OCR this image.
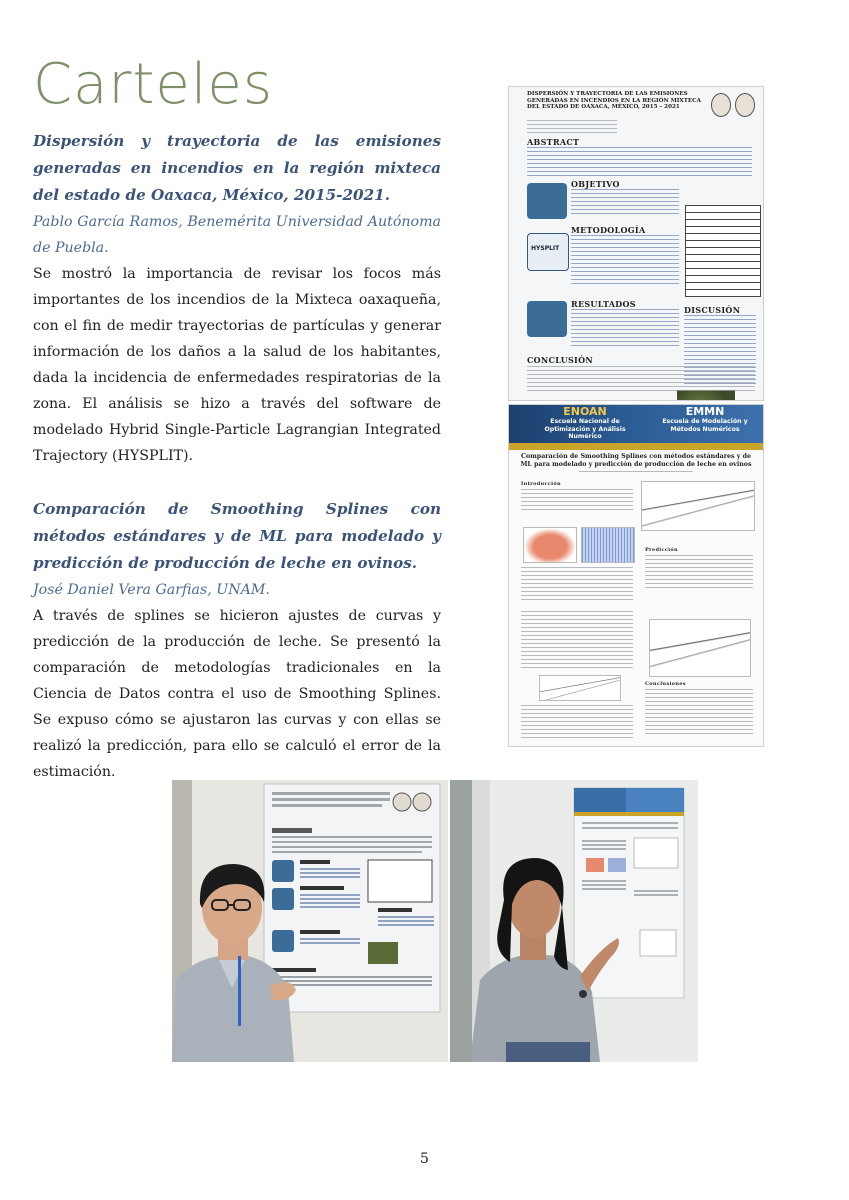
Carteles

Dispersión y trayectoria de las emisiones generadas en incendios en la región mixteca del estado de Oaxaca, México, 2015-2021.

Pablo García Ramos, Benemérita Universidad Autónoma de Puebla.

Se mostró la importancia de revisar los focos más importantes de los incendios de la Mixteca oaxaqueña, con el fin de medir trayectorias de partículas y generar información de los daños a la salud de los habitantes, dada la incidencia de enfermedades respiratorias de la zona. El análisis se hizo a través del software de modelado Hybrid Single-Particle Lagrangian Integrated Trajectory (HYSPLIT).

Comparación de Smoothing Splines con métodos estándares y de ML para modelado y predicción de producción de leche en ovinos.

José Daniel Vera Garfias, UNAM.

A través de splines se hicieron ajustes de curvas y predicción de la producción de leche. Se presentó la comparación de metodologías tradicionales en la Ciencia de Datos contra el uso de Smoothing Splines. Se expuso cómo se ajustaron las curvas y con ellas se realizó la predicción, para ello se calculó el error de la estimación.

DISPERSIÓN Y TRAYECTORIA DE LAS EMISIONES GENERADAS EN INCENDIOS EN LA REGIÓN MIXTECA DEL ESTADO DE OAXACA, MÉXICO, 2015 – 2021
ABSTRACT
OBJETIVO
HYSPLIT
METODOLOGÍA
DISCUSIÓN
RESULTADOS
CONCLUSIÓN
ENOAN
Escuela Nacional de Optimización y Análisis Numérico
EMMN
Escuela de Modelación y Métodos Numéricos
Comparación de Smoothing Splines con métodos estándares y de ML para modelado y predicción de producción de leche en ovinos
Introducción
Predicción
Conclusiones
5
